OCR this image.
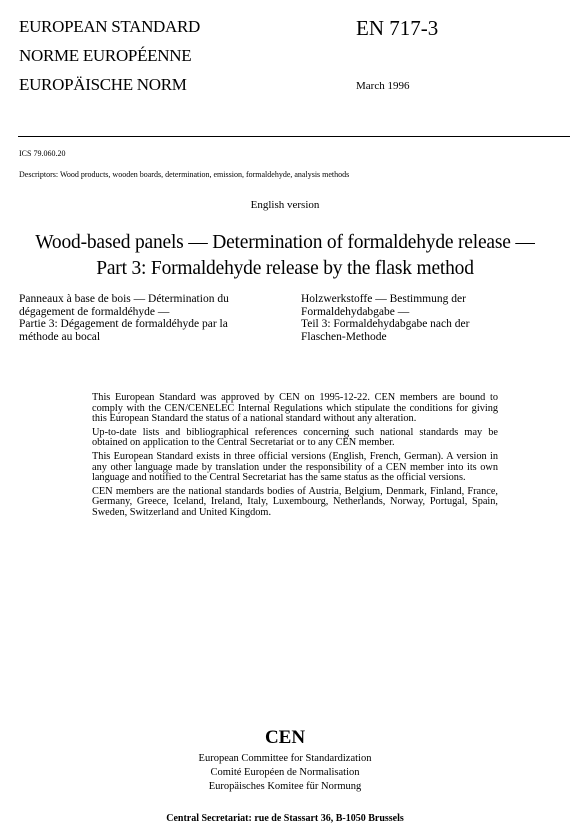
EUROPEAN STANDARD
NORME EUROPÉENNE
EUROPÄISCHE NORM
EN 717-3
March 1996
ICS 79.060.20
Descriptors: Wood products, wooden boards, determination, emission, formaldehyde, analysis methods
English version
Wood-based panels — Determination of formaldehyde release —
Part 3: Formaldehyde release by the flask method
Panneaux à base de bois — Détermination du
dégagement de formaldéhyde —
Partie 3: Dégagement de formaldéhyde par la
méthode au bocal
Holzwerkstoffe — Bestimmung der
Formaldehydabgabe —
Teil 3: Formaldehydabgabe nach der
Flaschen-Methode

This European Standard was approved by CEN on 1995-12-22. CEN members are bound to comply with the CEN/CENELEC Internal Regulations which stipulate the conditions for giving this European Standard the status of a national standard without any alteration.

Up-to-date lists and bibliographical references concerning such national standards may be obtained on application to the Central Secretariat or to any CEN member.

This European Standard exists in three official versions (English, French, German). A version in any other language made by translation under the responsibility of a CEN member into its own language and notified to the Central Secretariat has the same status as the official versions.

CEN members are the national standards bodies of Austria, Belgium, Denmark, Finland, France, Germany, Greece, Iceland, Ireland, Italy, Luxembourg, Netherlands, Norway, Portugal, Spain, Sweden, Switzerland and United Kingdom.

CEN
European Committee for Standardization
Comité Européen de Normalisation
Europäisches Komitee für Normung
Central Secretariat: rue de Stassart 36, B-1050 Brussels
